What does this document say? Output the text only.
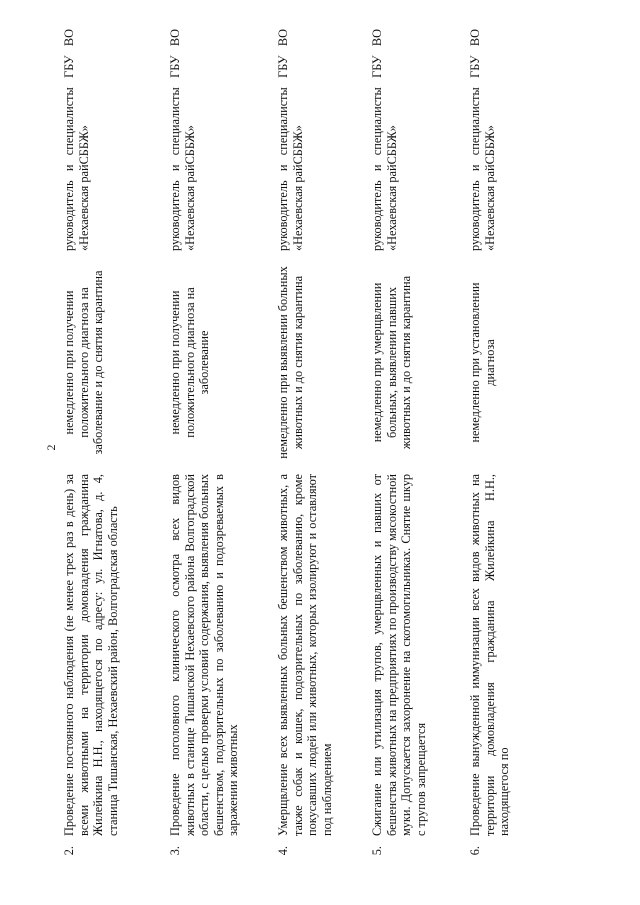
2
2.	Проведение постоянного наблюдения (не менее трех раз в день) за всеми животными на территории домовладения гражданина Жилейкина Н.Н., находящегося по адресу: ул. Игнатова, д. 4, станица Тишанская, Нехаевский район, Волгоградская область	немедленно при получении положительного диагноза на заболевание и до снятия карантина	руководитель и специалисты ГБУ ВО «Нехаевская райСББЖ»
3.	Проведение поголовного клинического осмотра всех видов животных в станице Тишанской Нехаевского района Волгоградской области, с целью проверки условий содержания, выявления больных бешенством, подозрительных по заболеванию и подозреваемых в заражении животных	немедленно при получении положительного диагноза на заболевание	руководитель и специалисты ГБУ ВО «Нехаевская райСББЖ»
4.	Умерщвление всех выявленных больных бешенством животных, а также собак и кошек, подозрительных по заболеванию, кроме покусавших людей или животных, которых изолируют и оставляют под наблюдением	немедленно при выявлении больных животных и до снятия карантина	руководитель и специалисты ГБУ ВО «Нехаевская райСББЖ»
5.	Сжигание или утилизация трупов, умерщвленных и павших от бешенства животных на предприятиях по производству мясокостной муки. Допускается захоронение на скотомогильниках. Снятие шкур с трупов запрещается	немедленно при умерщвлении больных, выявлении павших животных и до снятия карантина	руководитель и специалисты ГБУ ВО «Нехаевская райСББЖ»
6.	Проведение вынужденной иммунизации всех видов животных на территории домовладения гражданина Жилейкина Н.Н., находящегося по	немедленно при установлении диагноза	руководитель и специалисты ГБУ ВО «Нехаевская райСББЖ»
